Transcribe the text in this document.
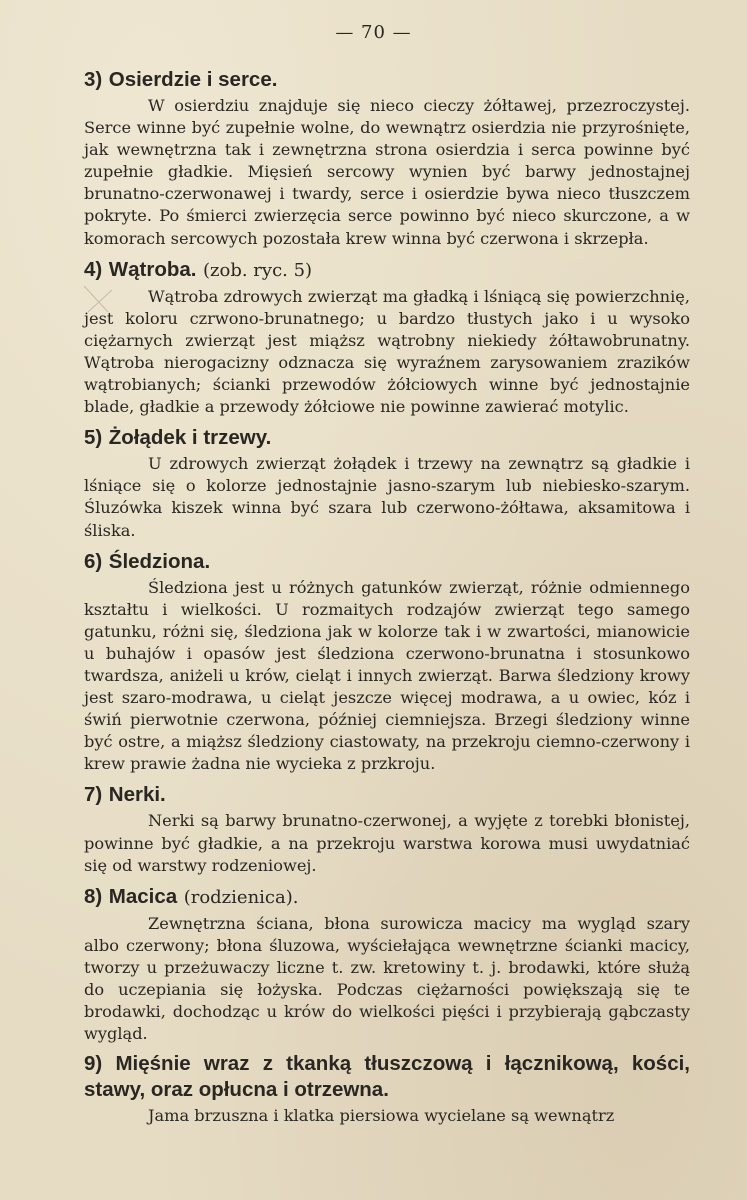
— 70 —

3) Osierdzie i serce.

W osierdziu znajduje się nieco cieczy żółtawej, przezroczystej. Serce winne być zupełnie wolne, do wewnątrz osierdzia nie przyrośnięte, jak wewnętrzna tak i zewnętrzna strona osierdzia i serca powinne być zupełnie gładkie. Mięsień sercowy wynien być barwy jednostajnej brunatno-czerwonawej i twardy, serce i osierdzie bywa nieco tłuszczem pokryte. Po śmierci zwierzęcia serce powinno być nieco skurczone, a w komorach sercowych pozostała krew winna być czerwona i skrzepła.

4) Wątroba. (zob. ryc. 5)

Wątroba zdrowych zwierząt ma gładką i lśniącą się powierzchnię, jest koloru czrwono-brunatnego; u bardzo tłustych jako i u wysoko ciężarnych zwierząt jest miąższ wątrobny niekiedy żółtawobrunatny. Wątroba nierogacizny odznacza się wyraźnem zarysowaniem zrazików wątrobianych; ścianki przewodów żółciowych winne być jednostajnie blade, gładkie a przewody żółciowe nie powinne zawierać motylic.

5) Żołądek i trzewy.

U zdrowych zwierząt żołądek i trzewy na zewnątrz są gładkie i lśniące się o kolorze jednostajnie jasno-szarym lub niebiesko-szarym. Śluzówka kiszek winna być szara lub czerwono-żółtawa, aksamitowa i śliska.

6) Śledziona.

Śledziona jest u różnych gatunków zwierząt, różnie odmiennego kształtu i wielkości. U rozmaitych rodzajów zwierząt tego samego gatunku, różni się, śledziona jak w kolorze tak i w zwartości, mianowicie u buhajów i opasów jest śledziona czerwono-brunatna i stosunkowo twardsza, aniżeli u krów, cieląt i innych zwierząt. Barwa śledziony krowy jest szaro-modrawa, u cieląt jeszcze więcej modrawa, a u owiec, kóz i świń pierwotnie czerwona, później ciemniejsza. Brzegi śledziony winne być ostre, a miąższ śledziony ciastowaty, na przekroju ciemno-czerwony i krew prawie żadna nie wycieka z przkroju.

7) Nerki.

Nerki są barwy brunatno-czerwonej, a wyjęte z torebki błonistej, powinne być gładkie, a na przekroju warstwa korowa musi uwydatniać się od warstwy rodzeniowej.

8) Macica (rodzienica).

Zewnętrzna ściana, błona surowicza macicy ma wygląd szary albo czerwony; błona śluzowa, wyściełająca wewnętrzne ścianki macicy, tworzy u przeżuwaczy liczne t. zw. kretowiny t. j. brodawki, które służą do uczepiania się łożyska. Podczas ciężarności powiększają się te brodawki, dochodząc u krów do wielkości pięści i przybierają gąbczasty wygląd.

9) Mięśnie wraz z tkanką tłuszczową i łącznikową, kości, stawy, oraz opłucna i otrzewna.

Jama brzuszna i klatka piersiowa wycielane są wewnątrz
